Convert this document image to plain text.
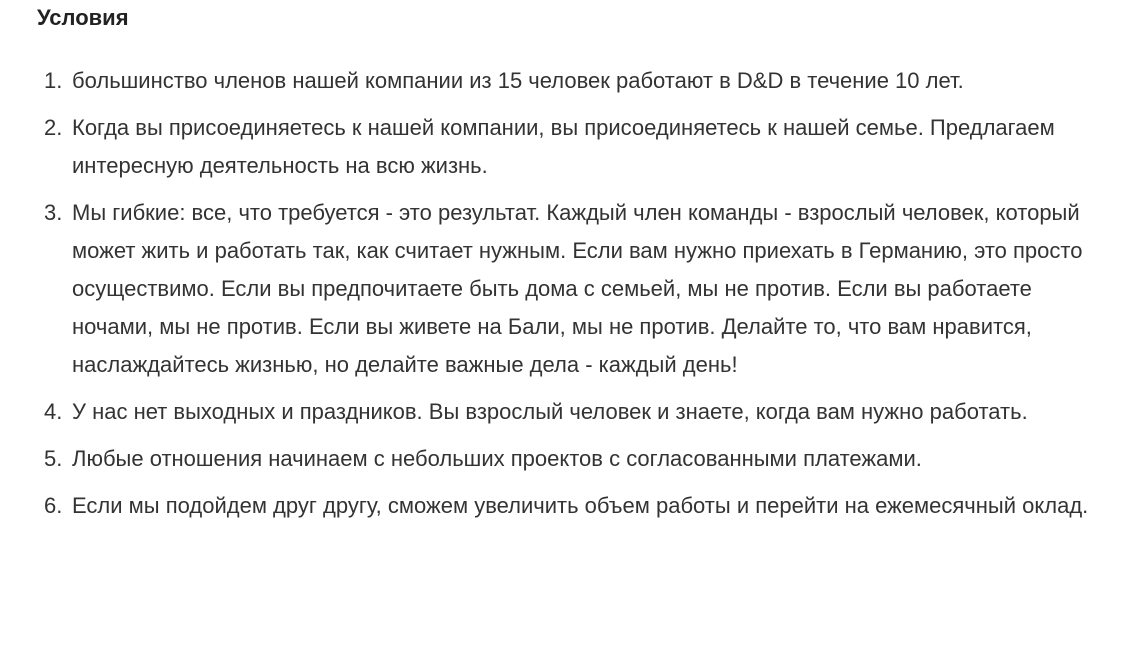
Условия
1. большинство членов нашей компании из 15 человек работают в D&D в течение 10 лет.
2. Когда вы присоединяетесь к нашей компании, вы присоединяетесь к нашей семье. Предлагаем интересную деятельность на всю жизнь.
3. Мы гибкие: все, что требуется - это результат. Каждый член команды - взрослый человек, который может жить и работать так, как считает нужным. Если вам нужно приехать в Германию, это просто осуществимо. Если вы предпочитаете быть дома с семьей, мы не против. Если вы работаете ночами, мы не против. Если вы живете на Бали, мы не против. Делайте то, что вам нравится, наслаждайтесь жизнью, но делайте важные дела - каждый день!
4. У нас нет выходных и праздников. Вы взрослый человек и знаете, когда вам нужно работать.
5. Любые отношения начинаем с небольших проектов с согласованными платежами.
6. Если мы подойдем друг другу, сможем увеличить объем работы и перейти на ежемесячный оклад.
